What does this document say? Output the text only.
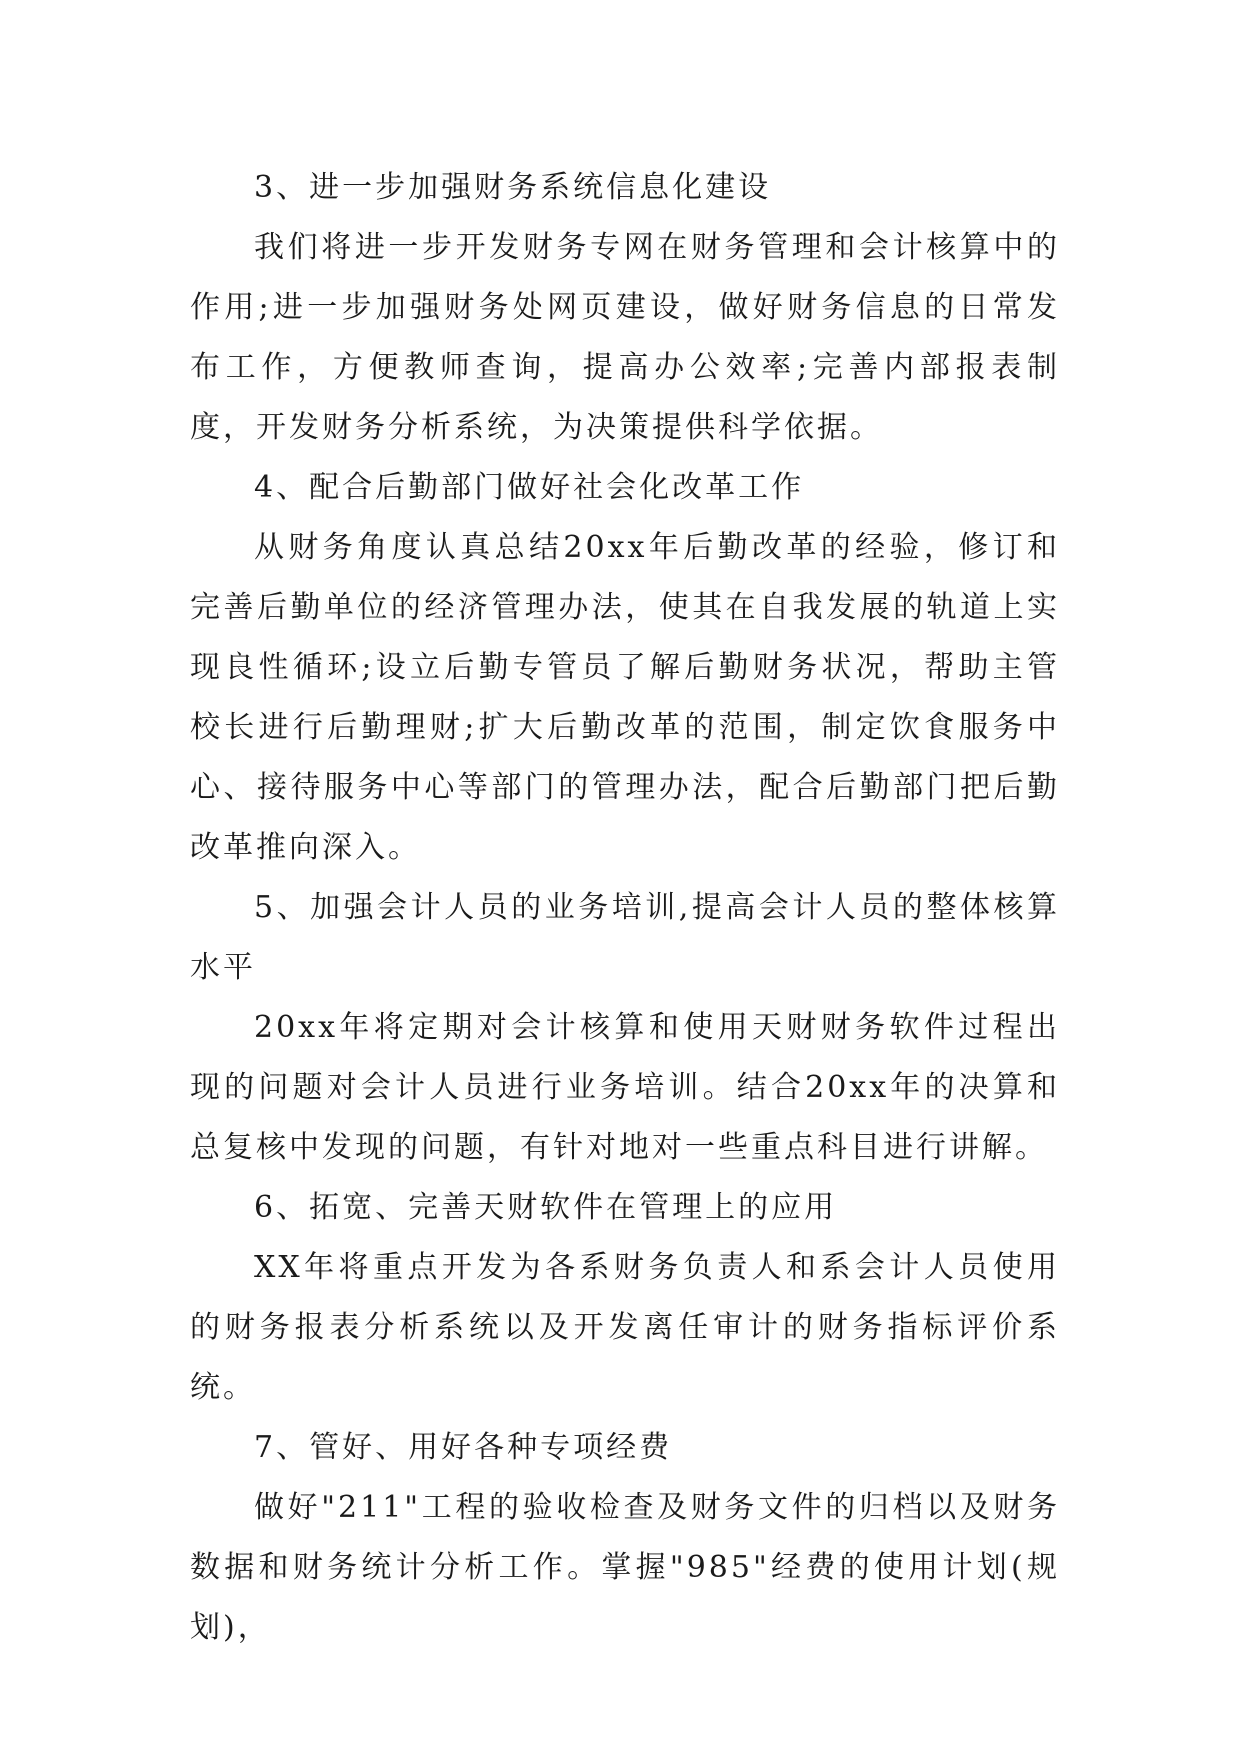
3、进一步加强财务系统信息化建设

我们将进一步开发财务专网在财务管理和会计核算中的作用;进一步加强财务处网页建设，做好财务信息的日常发布工作，方便教师查询，提高办公效率;完善内部报表制度，开发财务分析系统，为决策提供科学依据。

4、配合后勤部门做好社会化改革工作

从财务角度认真总结20xx年后勤改革的经验，修订和完善后勤单位的经济管理办法，使其在自我发展的轨道上实现良性循环;设立后勤专管员了解后勤财务状况，帮助主管校长进行后勤理财;扩大后勤改革的范围，制定饮食服务中心、接待服务中心等部门的管理办法，配合后勤部门把后勤改革推向深入。

5、加强会计人员的业务培训,提高会计人员的整体核算水平

20xx年将定期对会计核算和使用天财财务软件过程出现的问题对会计人员进行业务培训。结合20xx年的决算和总复核中发现的问题，有针对地对一些重点科目进行讲解。

6、拓宽、完善天财软件在管理上的应用

XX年将重点开发为各系财务负责人和系会计人员使用的财务报表分析系统以及开发离任审计的财务指标评价系统。

7、管好、用好各种专项经费

做好"211"工程的验收检查及财务文件的归档以及财务数据和财务统计分析工作。掌握"985"经费的使用计划(规划)，
